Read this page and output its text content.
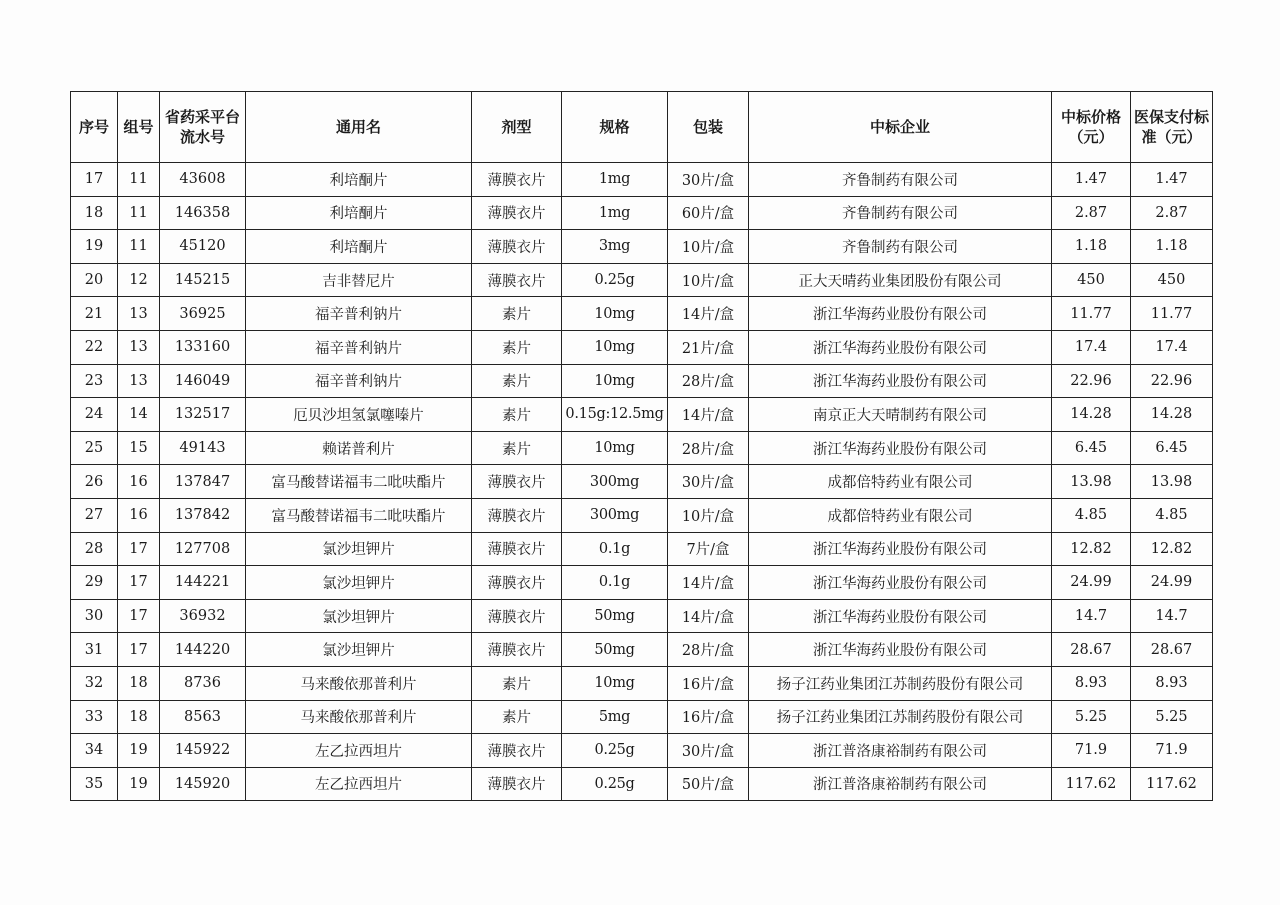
序号	组号	省药采平台流水号	通用名	剂型	规格	包装	中标企业	中标价格（元）	医保支付标准（元）
17	11	43608	利培酮片	薄膜衣片	1mg	30片/盒	齐鲁制药有限公司	1.47	1.47
18	11	146358	利培酮片	薄膜衣片	1mg	60片/盒	齐鲁制药有限公司	2.87	2.87
19	11	45120	利培酮片	薄膜衣片	3mg	10片/盒	齐鲁制药有限公司	1.18	1.18
20	12	145215	吉非替尼片	薄膜衣片	0.25g	10片/盒	正大天晴药业集团股份有限公司	450	450
21	13	36925	福辛普利钠片	素片	10mg	14片/盒	浙江华海药业股份有限公司	11.77	11.77
22	13	133160	福辛普利钠片	素片	10mg	21片/盒	浙江华海药业股份有限公司	17.4	17.4
23	13	146049	福辛普利钠片	素片	10mg	28片/盒	浙江华海药业股份有限公司	22.96	22.96
24	14	132517	厄贝沙坦氢氯噻嗪片	素片	0.15g:12.5mg	14片/盒	南京正大天晴制药有限公司	14.28	14.28
25	15	49143	赖诺普利片	素片	10mg	28片/盒	浙江华海药业股份有限公司	6.45	6.45
26	16	137847	富马酸替诺福韦二吡呋酯片	薄膜衣片	300mg	30片/盒	成都倍特药业有限公司	13.98	13.98
27	16	137842	富马酸替诺福韦二吡呋酯片	薄膜衣片	300mg	10片/盒	成都倍特药业有限公司	4.85	4.85
28	17	127708	氯沙坦钾片	薄膜衣片	0.1g	7片/盒	浙江华海药业股份有限公司	12.82	12.82
29	17	144221	氯沙坦钾片	薄膜衣片	0.1g	14片/盒	浙江华海药业股份有限公司	24.99	24.99
30	17	36932	氯沙坦钾片	薄膜衣片	50mg	14片/盒	浙江华海药业股份有限公司	14.7	14.7
31	17	144220	氯沙坦钾片	薄膜衣片	50mg	28片/盒	浙江华海药业股份有限公司	28.67	28.67
32	18	8736	马来酸依那普利片	素片	10mg	16片/盒	扬子江药业集团江苏制药股份有限公司	8.93	8.93
33	18	8563	马来酸依那普利片	素片	5mg	16片/盒	扬子江药业集团江苏制药股份有限公司	5.25	5.25
34	19	145922	左乙拉西坦片	薄膜衣片	0.25g	30片/盒	浙江普洛康裕制药有限公司	71.9	71.9
35	19	145920	左乙拉西坦片	薄膜衣片	0.25g	50片/盒	浙江普洛康裕制药有限公司	117.62	117.62
